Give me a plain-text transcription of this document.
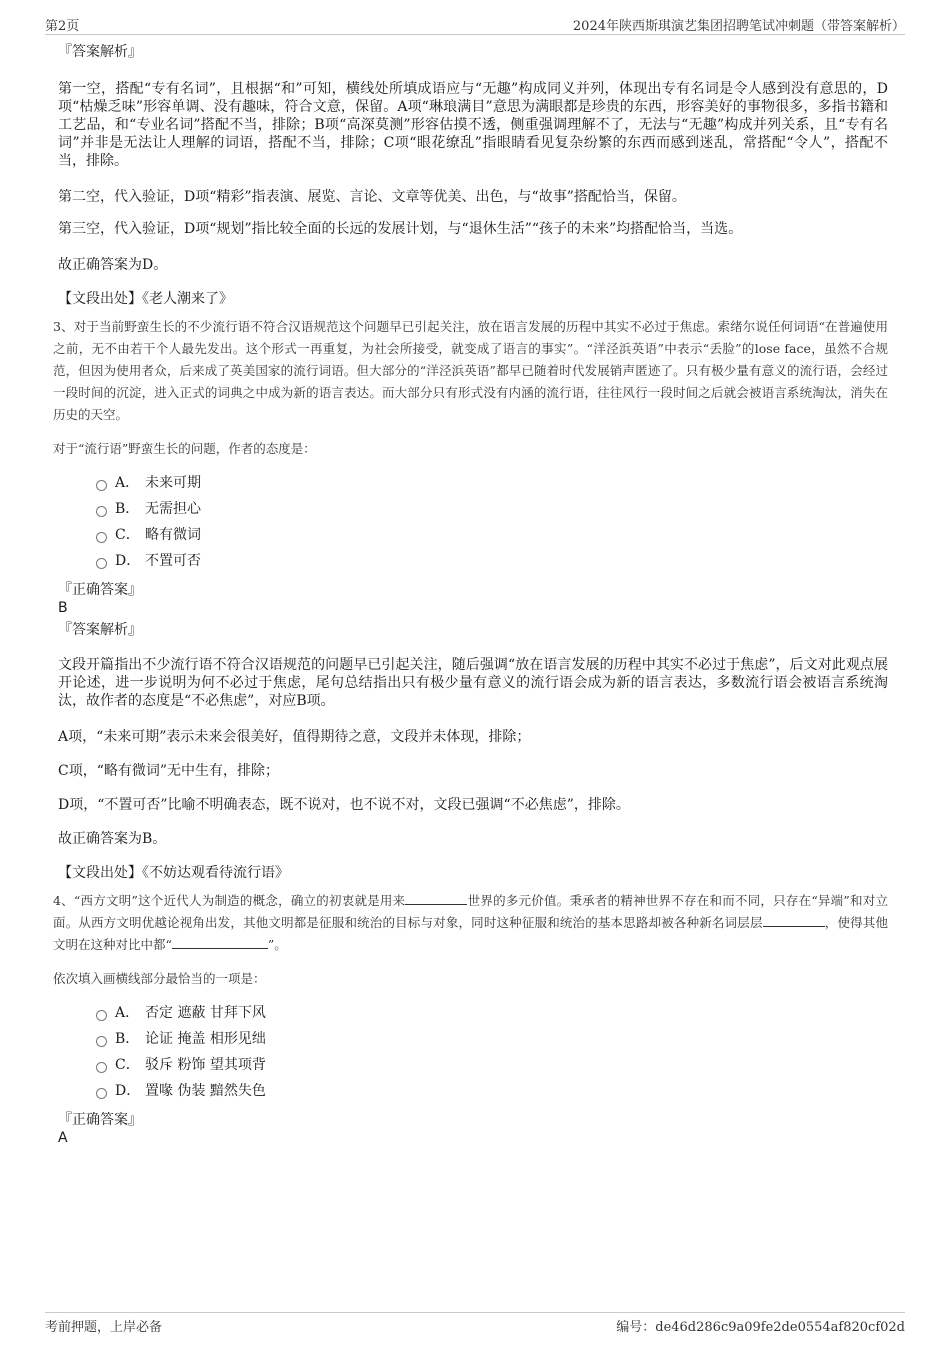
第2页	2024年陕西斯琪演艺集团招聘笔试冲刺题（带答案解析）

『答案解析』

第一空，搭配“专有名词”，且根据“和”可知，横线处所填成语应与“无趣”构成同义并列，体现出专有名词是令人感到没有意思的，D项“枯燥乏味”形容单调、没有趣味，符合文意，保留。A项“琳琅满目”意思为满眼都是珍贵的东西，形容美好的事物很多，多指书籍和工艺品，和“专业名词”搭配不当，排除；B项“高深莫测”形容估摸不透，侧重强调理解不了，无法与“无趣”构成并列关系，且“专有名词”并非是无法让人理解的词语，搭配不当，排除；C项“眼花缭乱”指眼睛看见复杂纷繁的东西而感到迷乱，常搭配“令人”，搭配不当，排除。

第二空，代入验证，D项“精彩”指表演、展览、言论、文章等优美、出色，与“故事”搭配恰当，保留。

第三空，代入验证，D项“规划”指比较全面的长远的发展计划，与“退休生活”“孩子的未来”均搭配恰当，当选。

故正确答案为D。

【文段出处】《老人潮来了》

3、对于当前野蛮生长的不少流行语不符合汉语规范这个问题早已引起关注，放在语言发展的历程中其实不必过于焦虑。索绪尔说任何词语“在普遍使用之前，无不由若干个人最先发出。这个形式一再重复，为社会所接受，就变成了语言的事实”。“洋泾浜英语”中表示“丢脸”的lose face，虽然不合规范，但因为使用者众，后来成了英美国家的流行词语。但大部分的“洋泾浜英语”都早已随着时代发展销声匿迹了。只有极少量有意义的流行语，会经过一段时间的沉淀，进入正式的词典之中成为新的语言表达。而大部分只有形式没有内涵的流行语，往往风行一段时间之后就会被语言系统淘汰，消失在历史的天空。

对于“流行语”野蛮生长的问题，作者的态度是：

A． 未来可期
B． 无需担心
C． 略有微词
D． 不置可否

『正确答案』

B

『答案解析』

文段开篇指出不少流行语不符合汉语规范的问题早已引起关注，随后强调“放在语言发展的历程中其实不必过于焦虑”，后文对此观点展开论述，进一步说明为何不必过于焦虑，尾句总结指出只有极少量有意义的流行语会成为新的语言表达，多数流行语会被语言系统淘汰，故作者的态度是“不必焦虑”，对应B项。

A项，“未来可期”表示未来会很美好，值得期待之意，文段并未体现，排除；

C项，“略有微词”无中生有，排除；

D项，“不置可否”比喻不明确表态，既不说对，也不说不对，文段已强调“不必焦虑”，排除。

故正确答案为B。

【文段出处】《不妨达观看待流行语》

4、“西方文明”这个近代人为制造的概念，确立的初衷就是用来	世界的多元价值。秉承者的精神世界不存在和而不同，只存在“异端”和对立面。从西方文明优越论视角出发，其他文明都是征服和统治的目标与对象，同时这种征服和统治的基本思路却被各种新名词层层	，使得其他文明在这种对比中都“	”。

依次填入画横线部分最恰当的一项是：

A． 否定 遮蔽 甘拜下风
B． 论证 掩盖 相形见绌
C． 驳斥 粉饰 望其项背
D． 置喙 伪装 黯然失色

『正确答案』

A

考前押题，上岸必备	编号：de46d286c9a09fe2de0554af820cf02d
